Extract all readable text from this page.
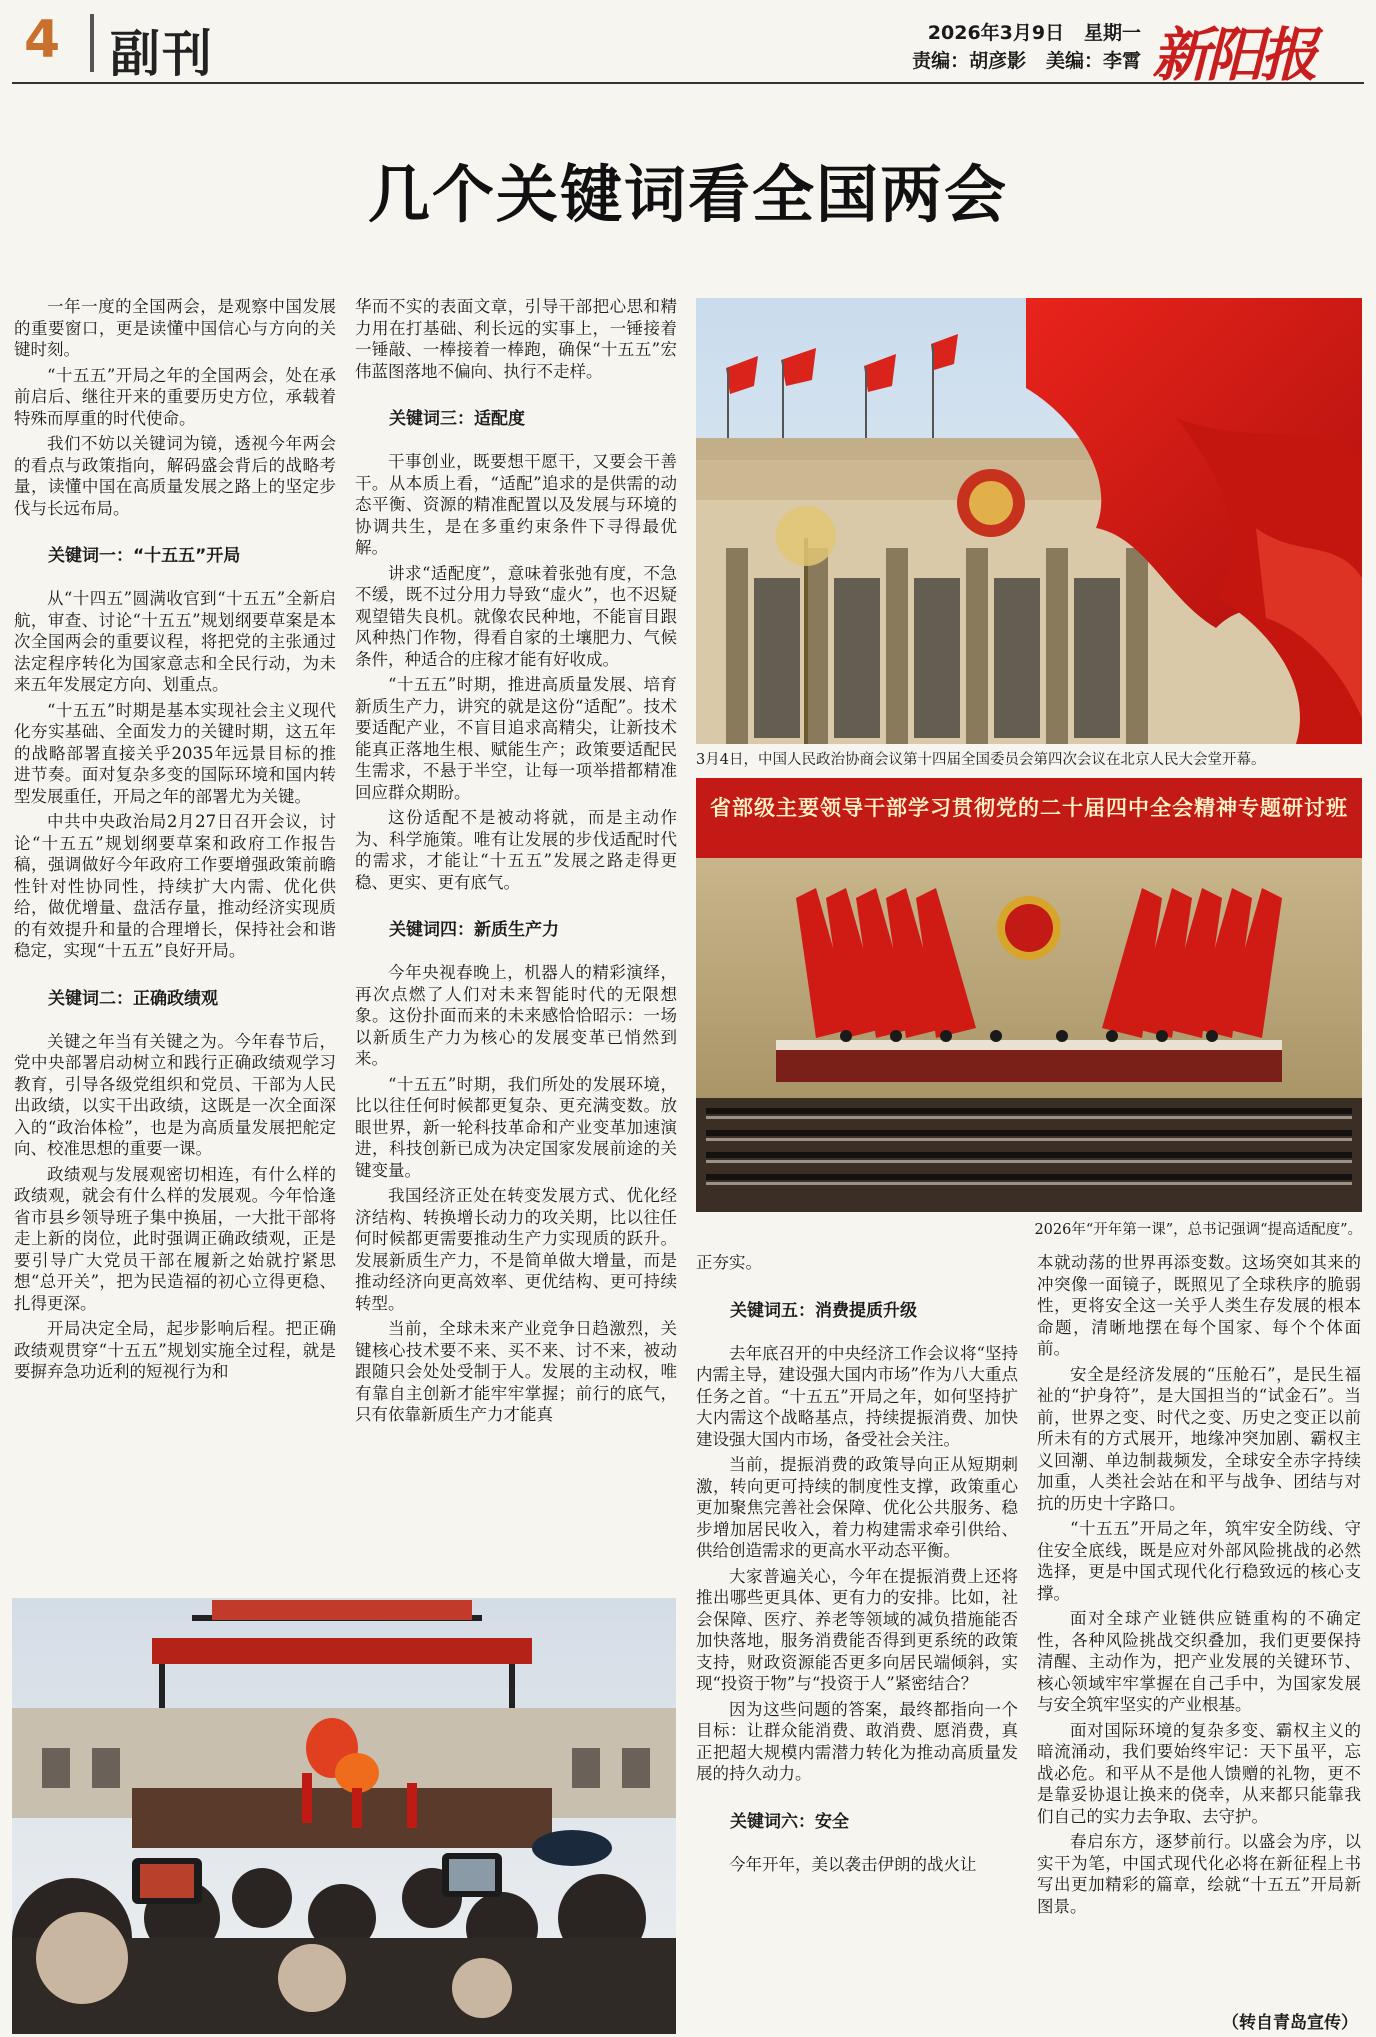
4 副刊	2026年3月9日 星期一
责编：胡彦影 美编：李霄 新阳报
几个关键词看全国两会

一年一度的全国两会，是观察中国发展的重要窗口，更是读懂中国信心与方向的关键时刻。

“十五五”开局之年的全国两会，处在承前启后、继往开来的重要历史方位，承载着特殊而厚重的时代使命。

我们不妨以关键词为镜，透视今年两会的看点与政策指向，解码盛会背后的战略考量，读懂中国在高质量发展之路上的坚定步伐与长远布局。

关键词一：“十五五”开局

从“十四五”圆满收官到“十五五”全新启航，审查、讨论“十五五”规划纲要草案是本次全国两会的重要议程，将把党的主张通过法定程序转化为国家意志和全民行动，为未来五年发展定方向、划重点。

“十五五”时期是基本实现社会主义现代化夯实基础、全面发力的关键时期，这五年的战略部署直接关乎2035年远景目标的推进节奏。面对复杂多变的国际环境和国内转型发展重任，开局之年的部署尤为关键。

中共中央政治局2月27日召开会议，讨论“十五五”规划纲要草案和政府工作报告稿，强调做好今年政府工作要增强政策前瞻性针对性协同性，持续扩大内需、优化供给，做优增量、盘活存量，推动经济实现质的有效提升和量的合理增长，保持社会和谐稳定，实现“十五五”良好开局。

关键词二：正确政绩观

关键之年当有关键之为。今年春节后，党中央部署启动树立和践行正确政绩观学习教育，引导各级党组织和党员、干部为人民出政绩，以实干出政绩，这既是一次全面深入的“政治体检”，也是为高质量发展把舵定向、校准思想的重要一课。

政绩观与发展观密切相连，有什么样的政绩观，就会有什么样的发展观。今年恰逢省市县乡领导班子集中换届，一大批干部将走上新的岗位，此时强调正确政绩观，正是要引导广大党员干部在履新之始就拧紧思想“总开关”，把为民造福的初心立得更稳、扎得更深。

开局决定全局，起步影响后程。把正确政绩观贯穿“十五五”规划实施全过程，就是要摒弃急功近利的短视行为和

华而不实的表面文章，引导干部把心思和精力用在打基础、利长远的实事上，一锤接着一锤敲、一棒接着一棒跑，确保“十五五”宏伟蓝图落地不偏向、执行不走样。

关键词三：适配度

干事创业，既要想干愿干，又要会干善干。从本质上看，“适配”追求的是供需的动态平衡、资源的精准配置以及发展与环境的协调共生，是在多重约束条件下寻得最优解。

讲求“适配度”，意味着张弛有度，不急不缓，既不过分用力导致“虚火”，也不迟疑观望错失良机。就像农民种地，不能盲目跟风种热门作物，得看自家的土壤肥力、气候条件，种适合的庄稼才能有好收成。

“十五五”时期，推进高质量发展、培育新质生产力，讲究的就是这份“适配”。技术要适配产业，不盲目追求高精尖，让新技术能真正落地生根、赋能生产；政策要适配民生需求，不悬于半空，让每一项举措都精准回应群众期盼。

这份适配不是被动将就，而是主动作为、科学施策。唯有让发展的步伐适配时代的需求，才能让“十五五”发展之路走得更稳、更实、更有底气。

关键词四：新质生产力

今年央视春晚上，机器人的精彩演绎，再次点燃了人们对未来智能时代的无限想象。这份扑面而来的未来感恰恰昭示：一场以新质生产力为核心的发展变革已悄然到来。

“十五五”时期，我们所处的发展环境，比以往任何时候都更复杂、更充满变数。放眼世界，新一轮科技革命和产业变革加速演进，科技创新已成为决定国家发展前途的关键变量。

我国经济正处在转变发展方式、优化经济结构、转换增长动力的攻关期，比以往任何时候都更需要推动生产力实现质的跃升。发展新质生产力，不是简单做大增量，而是推动经济向更高效率、更优结构、更可持续转型。

当前，全球未来产业竞争日趋激烈，关键核心技术要不来、买不来、讨不来，被动跟随只会处处受制于人。发展的主动权，唯有靠自主创新才能牢牢掌握；前行的底气，只有依靠新质生产力才能真

正夯实。

关键词五：消费提质升级

去年底召开的中央经济工作会议将“坚持内需主导，建设强大国内市场”作为八大重点任务之首。“十五五”开局之年，如何坚持扩大内需这个战略基点，持续提振消费、加快建设强大国内市场，备受社会关注。

当前，提振消费的政策导向正从短期刺激，转向更可持续的制度性支撑，政策重心更加聚焦完善社会保障、优化公共服务、稳步增加居民收入，着力构建需求牵引供给、供给创造需求的更高水平动态平衡。

大家普遍关心，今年在提振消费上还将推出哪些更具体、更有力的安排。比如，社会保障、医疗、养老等领域的减负措施能否加快落地，服务消费能否得到更系统的政策支持，财政资源能否更多向居民端倾斜，实现“投资于物”与“投资于人”紧密结合？

因为这些问题的答案，最终都指向一个目标：让群众能消费、敢消费、愿消费，真正把超大规模内需潜力转化为推动高质量发展的持久动力。

关键词六：安全

今年开年，美以袭击伊朗的战火让

本就动荡的世界再添变数。这场突如其来的冲突像一面镜子，既照见了全球秩序的脆弱性，更将安全这一关乎人类生存发展的根本命题，清晰地摆在每个国家、每个个体面前。

安全是经济发展的“压舱石”，是民生福祉的“护身符”，是大国担当的“试金石”。当前，世界之变、时代之变、历史之变正以前所未有的方式展开，地缘冲突加剧、霸权主义回潮、单边制裁频发，全球安全赤字持续加重，人类社会站在和平与战争、团结与对抗的历史十字路口。

“十五五”开局之年，筑牢安全防线、守住安全底线，既是应对外部风险挑战的必然选择，更是中国式现代化行稳致远的核心支撑。

面对全球产业链供应链重构的不确定性，各种风险挑战交织叠加，我们更要保持清醒、主动作为，把产业发展的关键环节、核心领域牢牢掌握在自己手中，为国家发展与安全筑牢坚实的产业根基。

面对国际环境的复杂多变、霸权主义的暗流涌动，我们要始终牢记：天下虽平，忘战必危。和平从不是他人馈赠的礼物，更不是靠妥协退让换来的侥幸，从来都只能靠我们自己的实力去争取、去守护。

春启东方，逐梦前行。以盛会为序，以实干为笔，中国式现代化必将在新征程上书写出更加精彩的篇章，绘就“十五五”开局新图景。

（转自青岛宣传）
3月4日，中国人民政治协商会议第十四届全国委员会第四次会议在北京人民大会堂开幕。
省部级主要领导干部学习贯彻党的二十届四中全会精神专题研讨班
2026年“开年第一课”，总书记强调“提高适配度”。
